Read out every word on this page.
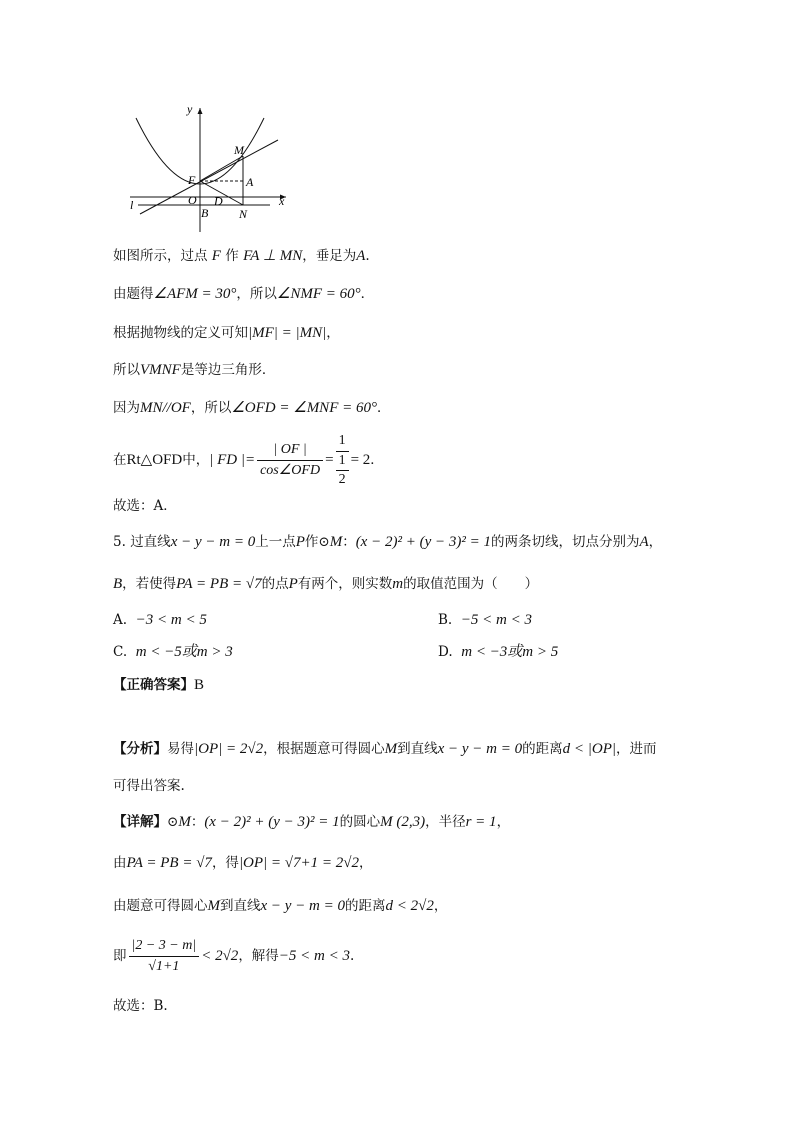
y
x
M
F	A
l	O D
B	N
如图所示，过点 F 作 FA ⊥ MN，垂足为A.
由题得∠AFM = 30°，所以∠NMF = 60°．
根据抛物线的定义可知|MF| = |MN|，
所以VMNF是等边三角形．
因为MN//OF，所以∠OFD = ∠MNF = 60°．
在 Rt△OFD 中， | FD |= $\frac{| OF |}{\text{cos∠OFD}} = 1$
1
2 = 2 ．
故选：A．
5. 过直线x − y − m = 0上一点P作⊙M：(x − 2)² + (y − 3)² = 1的两条切线，切点分别为A，
B，若使得PA = PB = √7的点P有两个，则实数m的取值范围为（　　）
A. −3 < m < 5	B. −5 < m < 3
C. m < −5或m > 3	D. m < −3或m > 5
【正确答案】B
【分析】易得|OP| = 2√2，根据题意可得圆心M到直线x − y − m = 0的距离d < |OP|，进而
可得出答案.
【详解】⊙M：(x − 2)² + (y − 3)² = 1的圆心M (2,3)，半径r = 1，
由PA = PB = √7，得|OP| = √7+1 = 2√2，
由题意可得圆心M到直线x − y − m = 0的距离d < 2√2，
即 $\frac{|2 - 3 - m|}{√1+1} < 2√2$ ，解得 −5 < m < 3 .
故选：B.
